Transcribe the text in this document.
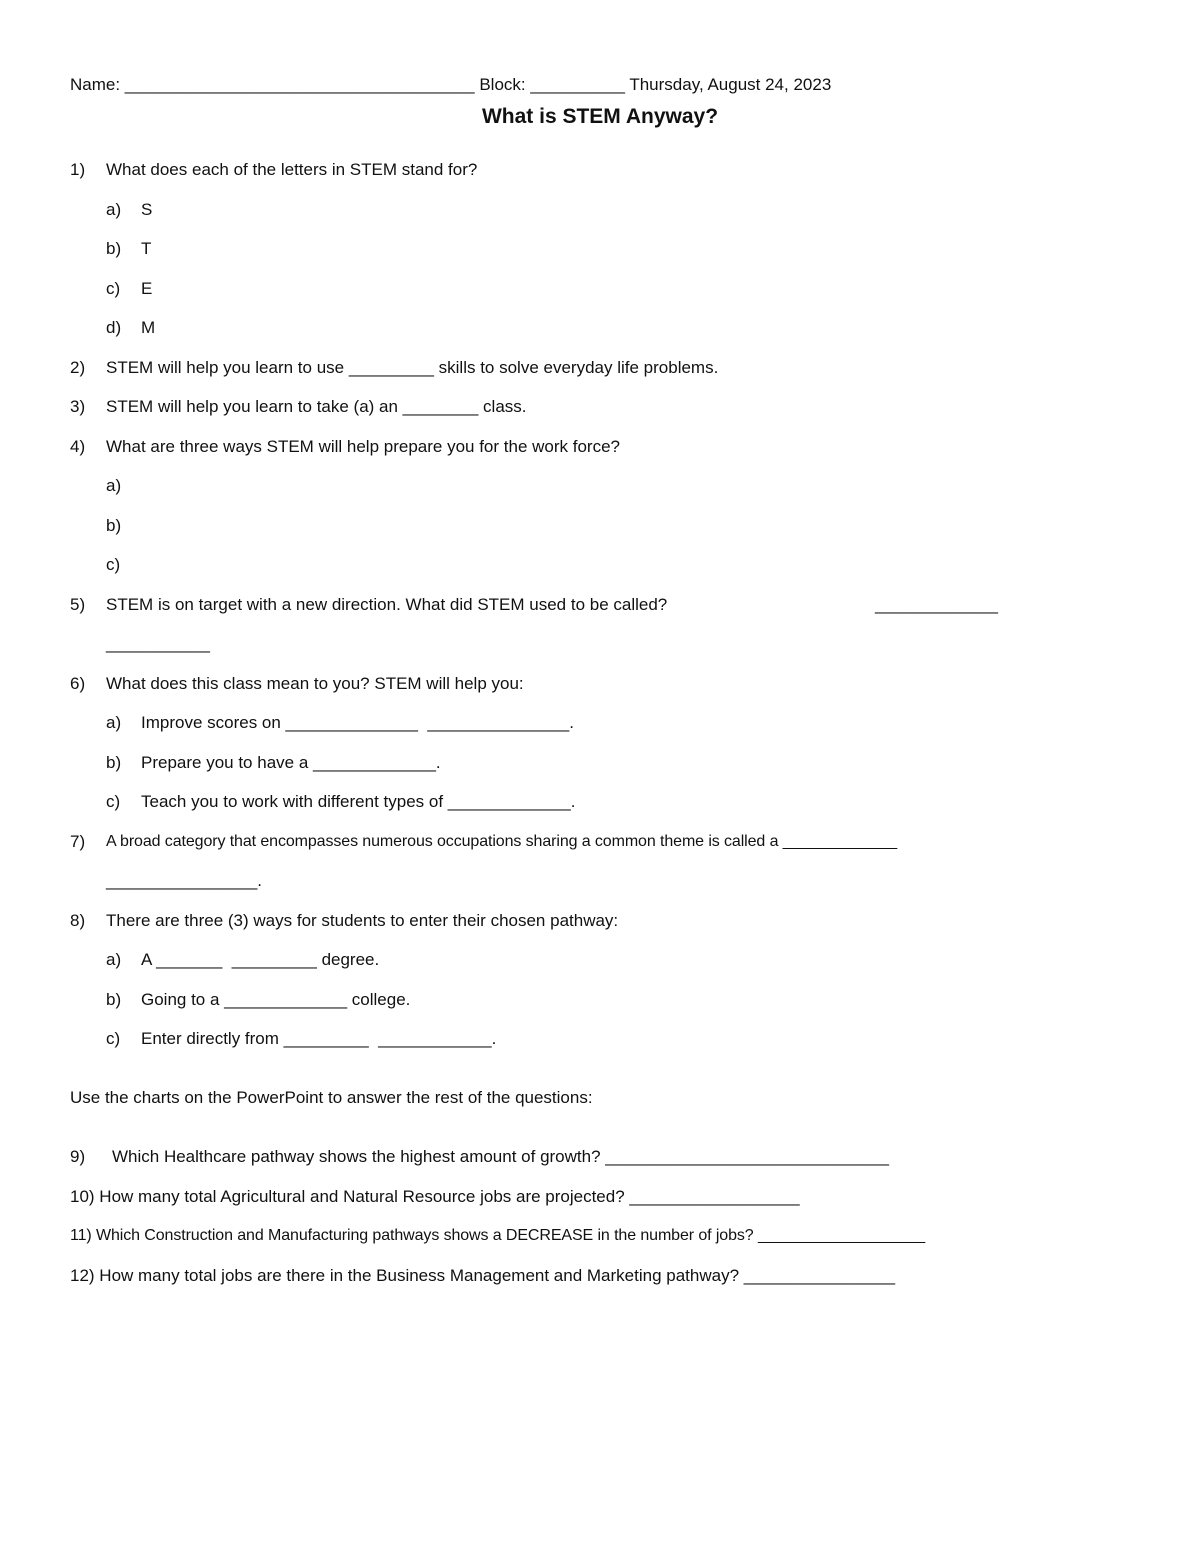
Name: _____________________________________ Block: __________ Thursday, August 24, 2023
What is STEM Anyway?
1) What does each of the letters in STEM stand for?
a) S
b) T
c) E
d) M
2) STEM will help you learn to use _________ skills to solve everyday life problems.
3) STEM will help you learn to take (a) an ________ class.
4) What are three ways STEM will help prepare you for the work force?
a)
b)
c)
5) STEM is on target with a new direction. What did STEM used to be called?	_____________
___________
6) What does this class mean to you? STEM will help you:
a) Improve scores on ______________  _______________.
b) Prepare you to have a _____________.
c) Teach you to work with different types of _____________.
7) A broad category that encompasses numerous occupations sharing a common theme is called a _____________
________________.
8) There are three (3) ways for students to enter their chosen pathway:
a) A _______  _________ degree.
b) Going to a _____________ college.
c) Enter directly from _________  ____________.
Use the charts on the PowerPoint to answer the rest of the questions:
9) Which Healthcare pathway shows the highest amount of growth? ______________________________
10) How many total Agricultural and Natural Resource jobs are projected? __________________
11) Which Construction and Manufacturing pathways shows a DECREASE in the number of jobs? ___________________
12) How many total jobs are there in the Business Management and Marketing pathway? ________________
